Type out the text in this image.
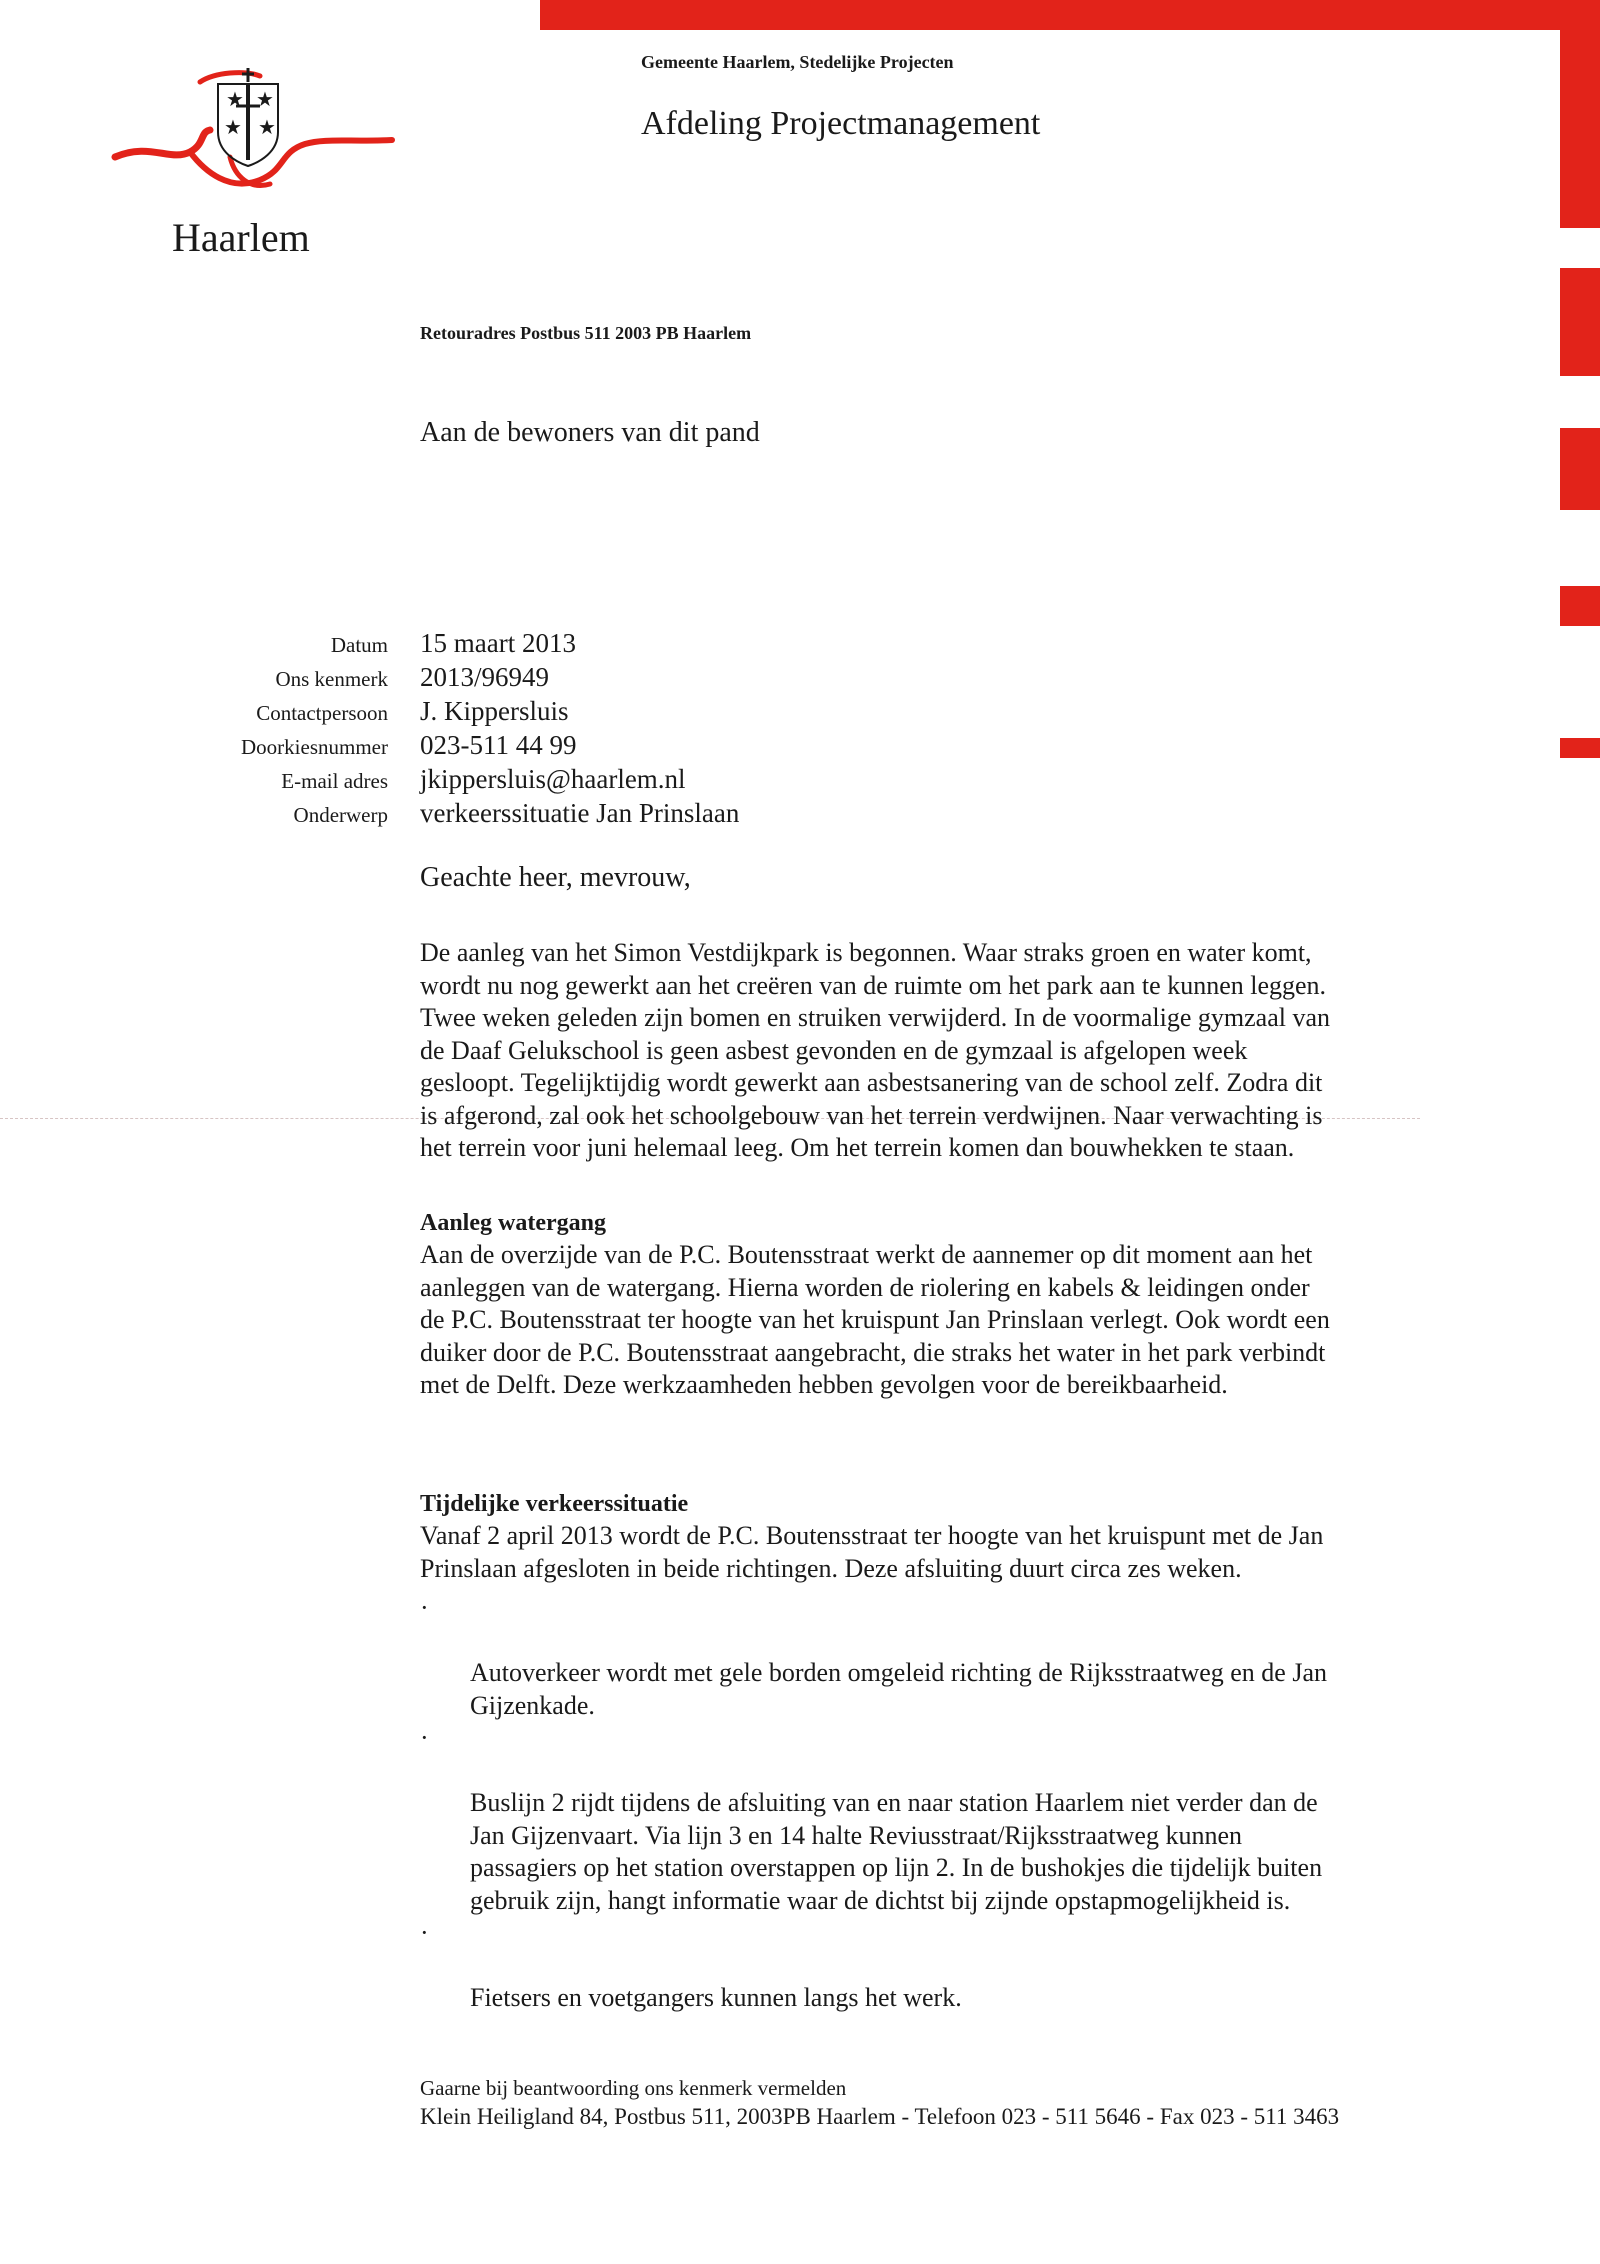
★ ★
★ ★
Haarlem
Gemeente Haarlem, Stedelijke Projecten
Afdeling Projectmanagement
Retouradres Postbus 511 2003 PB Haarlem
Aan de bewoners van dit pand
Datum	15 maart 2013
Ons kenmerk	2013/96949
Contactpersoon	J. Kippersluis
Doorkiesnummer	023-511 44 99
E-mail adres	jkippersluis@haarlem.nl
Onderwerp	verkeerssituatie Jan Prinslaan
Geachte heer, mevrouw,
De aanleg van het Simon Vestdijkpark is begonnen. Waar straks groen en water komt,
wordt nu nog gewerkt aan het creëren van de ruimte om het park aan te kunnen leggen.
Twee weken geleden zijn bomen en struiken verwijderd. In de voormalige gymzaal van
de Daaf Gelukschool is geen asbest gevonden en de gymzaal is afgelopen week
gesloopt. Tegelijktijdig wordt gewerkt aan asbestsanering van de school zelf. Zodra dit
is afgerond, zal ook het schoolgebouw van het terrein verdwijnen. Naar verwachting is
het terrein voor juni helemaal leeg. Om het terrein komen dan bouwhekken te staan.
Aanleg watergang
Aan de overzijde van de P.C. Boutensstraat werkt de aannemer op dit moment aan het
aanleggen van de watergang. Hierna worden de riolering en kabels & leidingen onder
de P.C. Boutensstraat ter hoogte van het kruispunt Jan Prinslaan verlegt. Ook wordt een
duiker door de P.C. Boutensstraat aangebracht, die straks het water in het park verbindt
met de Delft. Deze werkzaamheden hebben gevolgen voor de bereikbaarheid.
Tijdelijke verkeerssituatie
Vanaf 2 april 2013 wordt de P.C. Boutensstraat ter hoogte van het kruispunt met de Jan
Prinslaan afgesloten in beide richtingen. Deze afsluiting duurt circa zes weken.

·

Autoverkeer wordt met gele borden omgeleid richting de Rijksstraatweg en de Jan
Gijzenkade.

·

Buslijn 2 rijdt tijdens de afsluiting van en naar station Haarlem niet verder dan de
Jan Gijzenvaart. Via lijn 3 en 14 halte Reviusstraat/Rijksstraatweg kunnen
passagiers op het station overstappen op lijn 2. In de bushokjes die tijdelijk buiten
gebruik zijn, hangt informatie waar de dichtst bij zijnde opstapmogelijkheid is.

·

Fietsers en voetgangers kunnen langs het werk.

Gaarne bij beantwoording ons kenmerk vermelden
Klein Heiligland 84, Postbus 511, 2003PB Haarlem - Telefoon 023 - 511 5646 - Fax 023 - 511 3463
